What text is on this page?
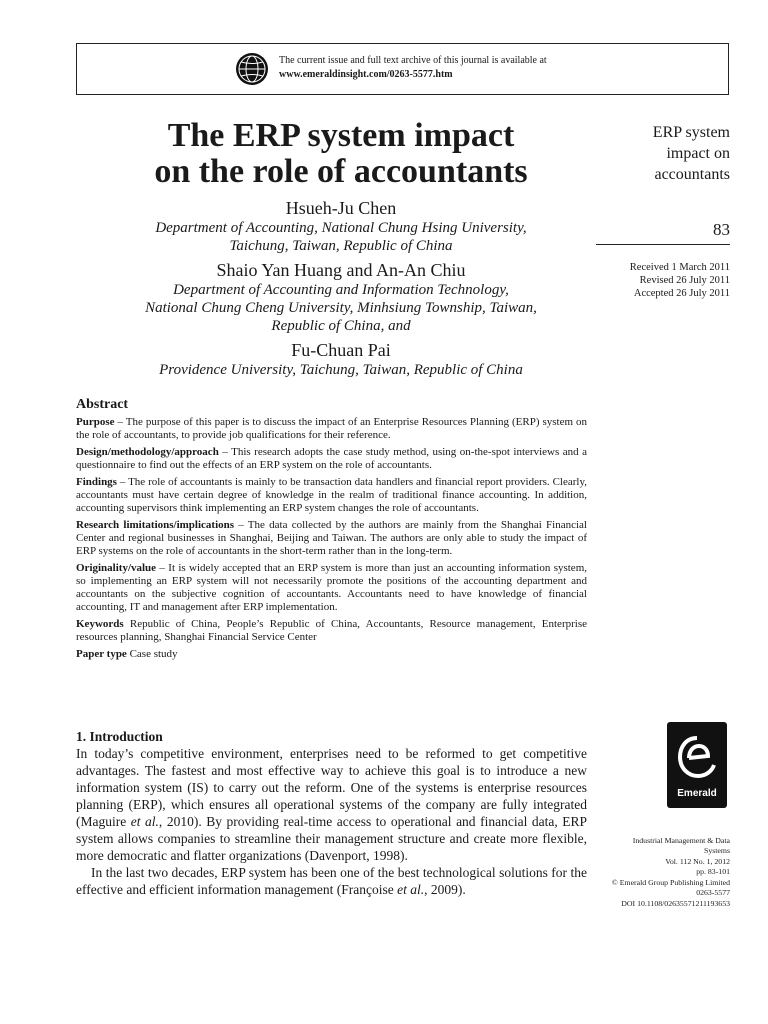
The current issue and full text archive of this journal is available at
www.emeraldinsight.com/0263-5577.htm
The ERP system impact
on the role of accountants
Hsueh-Ju Chen
Department of Accounting, National Chung Hsing University,
Taichung, Taiwan, Republic of China
Shaio Yan Huang and An-An Chiu
Department of Accounting and Information Technology,
National Chung Cheng University, Minhsiung Township, Taiwan,
Republic of China, and
Fu-Chuan Pai
Providence University, Taichung, Taiwan, Republic of China
ERP system
impact on
accountants
83
Received 1 March 2011
Revised 26 July 2011
Accepted 26 July 2011
Abstract

Purpose – The purpose of this paper is to discuss the impact of an Enterprise Resources Planning (ERP) system on the role of accountants, to provide job qualifications for their reference.

Design/methodology/approach – This research adopts the case study method, using on-the-spot interviews and a questionnaire to find out the effects of an ERP system on the role of accountants.

Findings – The role of accountants is mainly to be transaction data handlers and financial report providers. Clearly, accountants must have certain degree of knowledge in the realm of traditional finance accounting. In addition, accounting supervisors think implementing an ERP system changes the role of accountants.

Research limitations/implications – The data collected by the authors are mainly from the Shanghai Financial Center and regional businesses in Shanghai, Beijing and Taiwan. The authors are only able to study the impact of ERP systems on the role of accountants in the short-term rather than in the long-term.

Originality/value – It is widely accepted that an ERP system is more than just an accounting information system, so implementing an ERP system will not necessarily promote the positions of the accounting department and accountants on the subjective cognition of accountants. Accountants need to have knowledge of financial accounting, IT and management after ERP implementation.

Keywords Republic of China, People’s Republic of China, Accountants, Resource management, Enterprise resources planning, Shanghai Financial Service Center

Paper type Case study

1. Introduction

In today’s competitive environment, enterprises need to be reformed to get competitive advantages. The fastest and most effective way to achieve this goal is to introduce a new information system (IS) to carry out the reform. One of the systems is enterprise resources planning (ERP), which ensures all operational systems of the company are fully integrated (Maguire et al., 2010). By providing real-time access to operational and financial data, ERP system allows companies to streamline their management structure and create more flexible, more democratic and flatter organizations (Davenport, 1998).

In the last two decades, ERP system has been one of the best technological solutions for the effective and efficient information management (Françoise et al., 2009).

Emerald
Industrial Management & Data
Systems
Vol. 112 No. 1, 2012
pp. 83-101
© Emerald Group Publishing Limited
0263-5577
DOI 10.1108/02635571211193653
